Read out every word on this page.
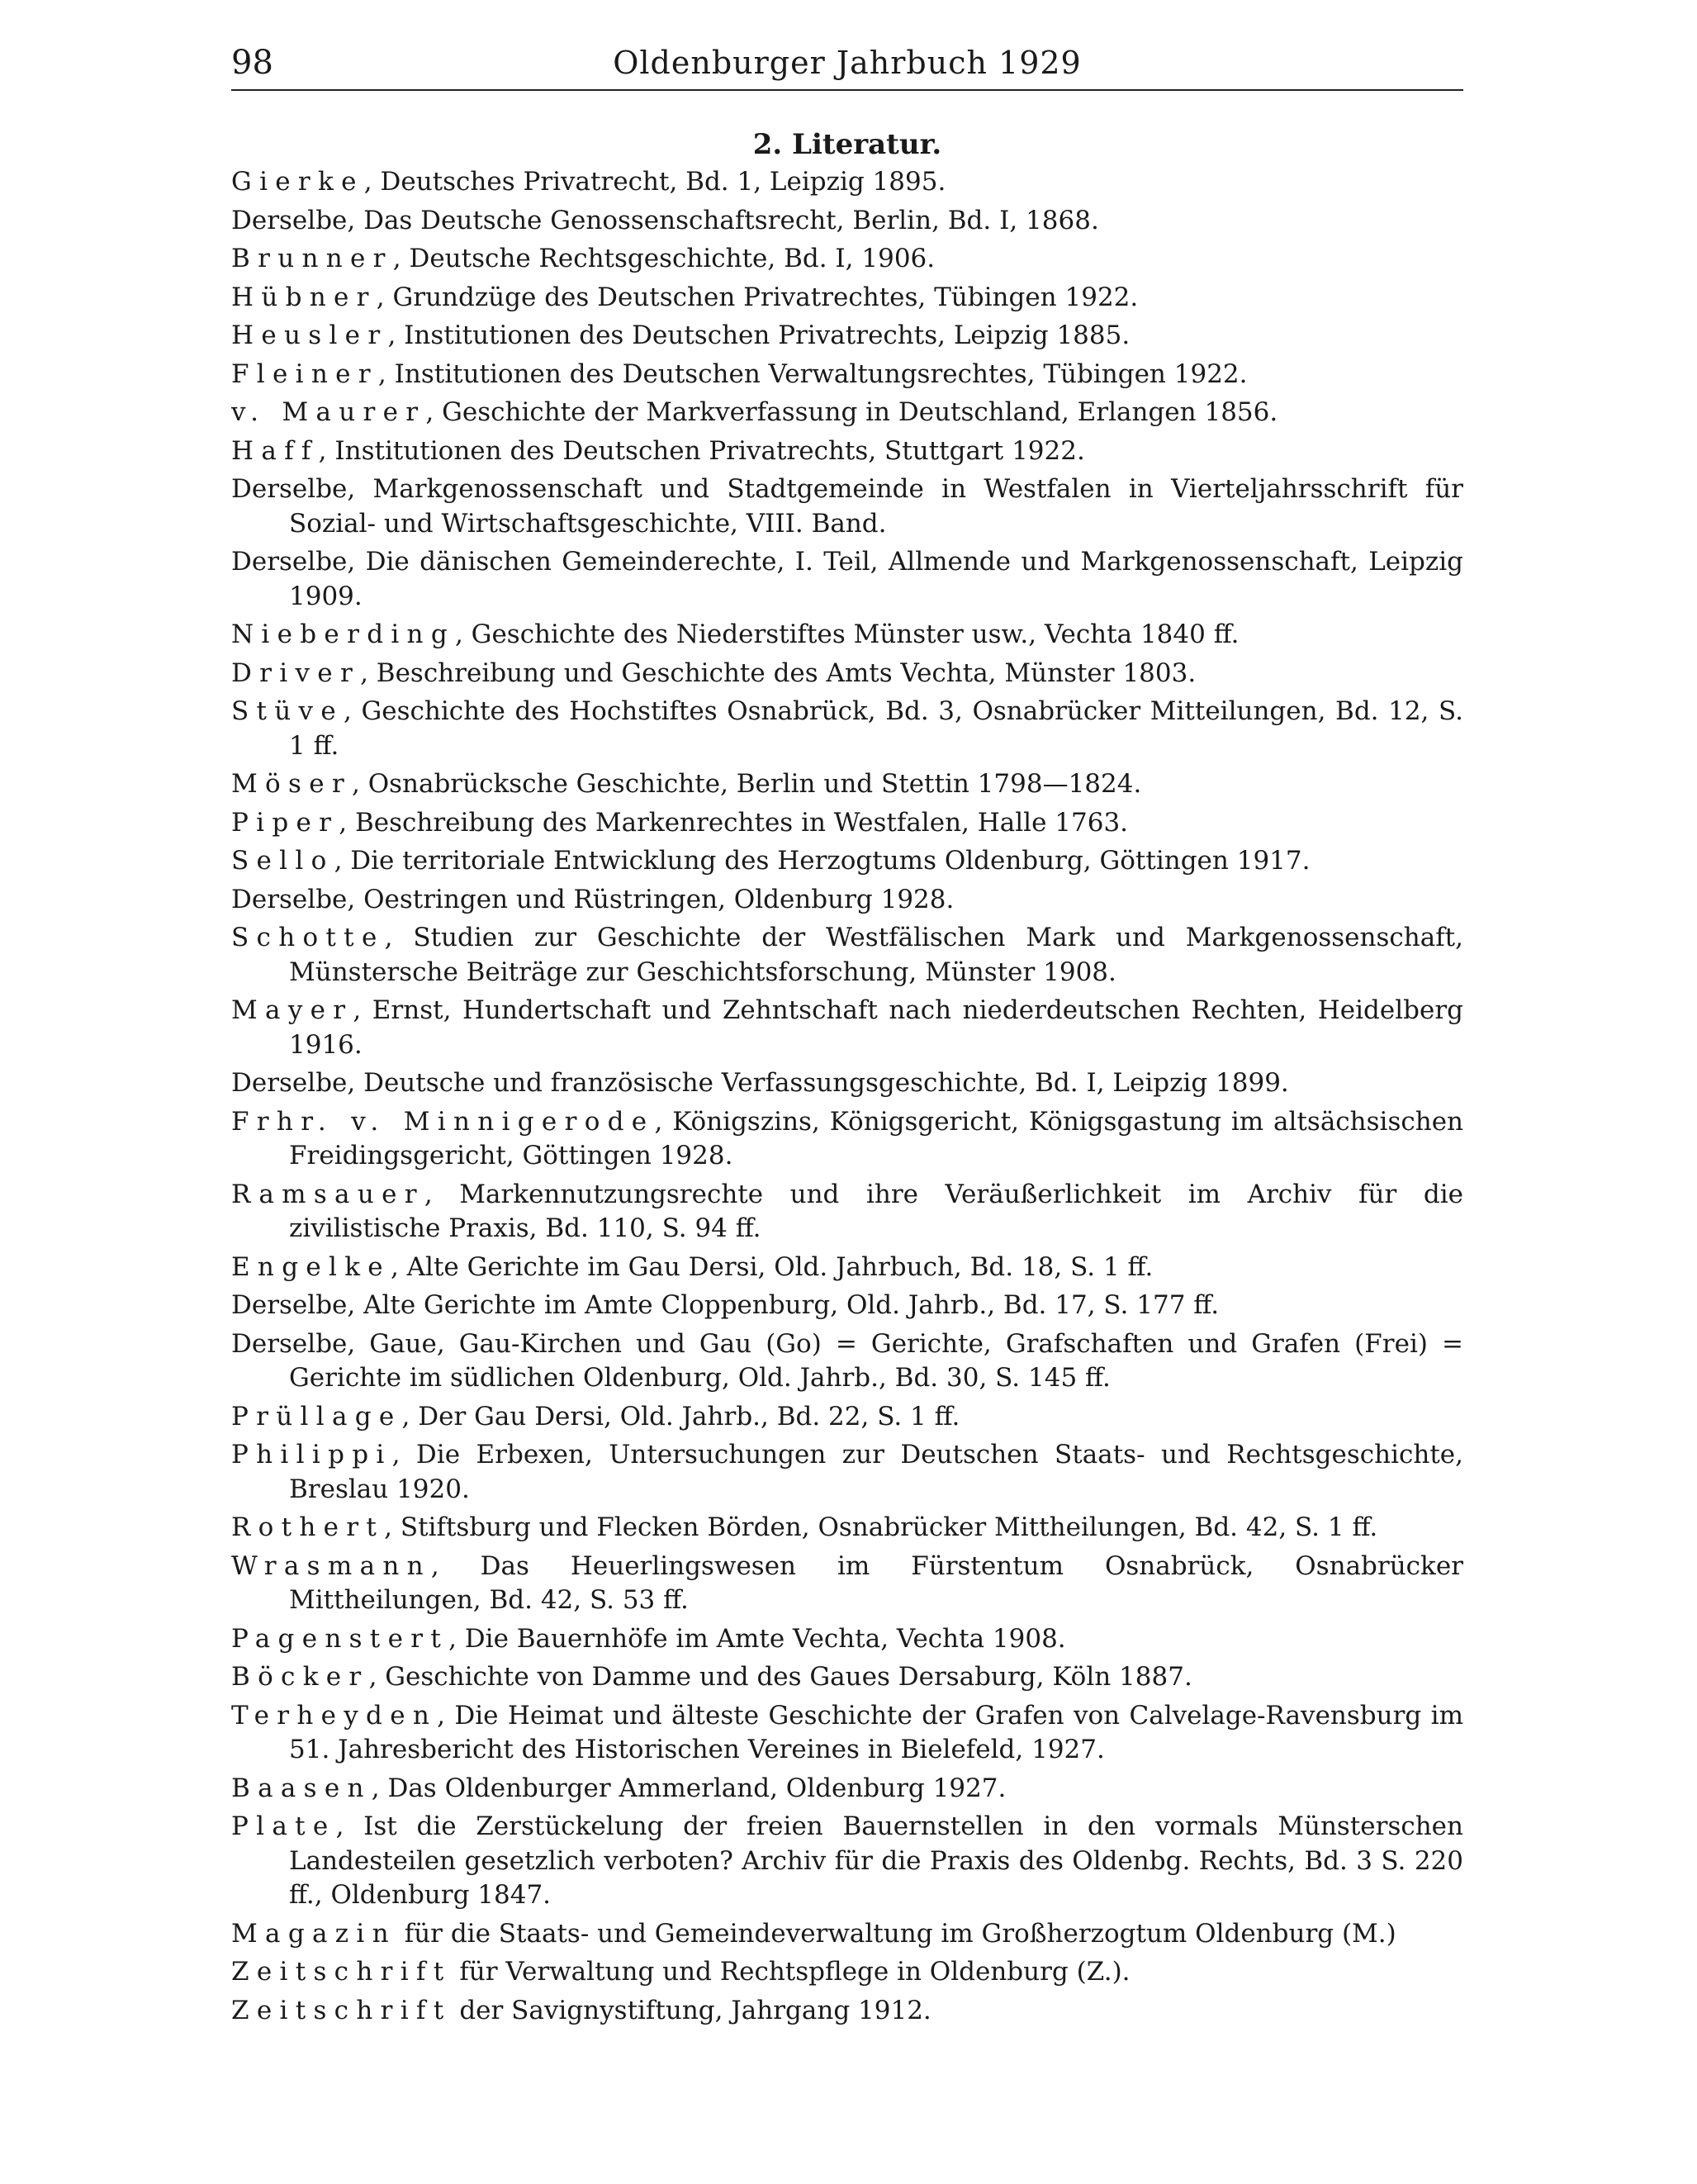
98	Oldenburger Jahrbuch 1929
2. Literatur.
Gierke, Deutsches Privatrecht, Bd. 1, Leipzig 1895.
Derselbe, Das Deutsche Genossenschaftsrecht, Berlin, Bd. I, 1868.
Brunner, Deutsche Rechtsgeschichte, Bd. I, 1906.
Hübner, Grundzüge des Deutschen Privatrechtes, Tübingen 1922.
Heusler, Institutionen des Deutschen Privatrechts, Leipzig 1885.
Fleiner, Institutionen des Deutschen Verwaltungsrechtes, Tübingen 1922.
v. Maurer, Geschichte der Markverfassung in Deutschland, Erlangen 1856.
Haff, Institutionen des Deutschen Privatrechts, Stuttgart 1922.
Derselbe, Markgenossenschaft und Stadtgemeinde in Westfalen in Vierteljahrsschrift für Sozial- und Wirtschaftsgeschichte, VIII. Band.
Derselbe, Die dänischen Gemeinderechte, I. Teil, Allmende und Markgenossenschaft, Leipzig 1909.
Nieberding, Geschichte des Niederstiftes Münster usw., Vechta 1840 ff.
Driver, Beschreibung und Geschichte des Amts Vechta, Münster 1803.
Stüve, Geschichte des Hochstiftes Osnabrück, Bd. 3, Osnabrücker Mitteilungen, Bd. 12, S. 1 ff.
Möser, Osnabrücksche Geschichte, Berlin und Stettin 1798—1824.
Piper, Beschreibung des Markenrechtes in Westfalen, Halle 1763.
Sello, Die territoriale Entwicklung des Herzogtums Oldenburg, Göttingen 1917.
Derselbe, Oestringen und Rüstringen, Oldenburg 1928.
Schotte, Studien zur Geschichte der Westfälischen Mark und Markgenossenschaft, Münstersche Beiträge zur Geschichtsforschung, Münster 1908.
Mayer, Ernst, Hundertschaft und Zehntschaft nach niederdeutschen Rechten, Heidelberg 1916.
Derselbe, Deutsche und französische Verfassungsgeschichte, Bd. I, Leipzig 1899.
Frhr. v. Minnigerode, Königszins, Königsgericht, Königsgastung im altsächsischen Freidingsgericht, Göttingen 1928.
Ramsauer, Markennutzungsrechte und ihre Veräußerlichkeit im Archiv für die zivilistische Praxis, Bd. 110, S. 94 ff.
Engelke, Alte Gerichte im Gau Dersi, Old. Jahrbuch, Bd. 18, S. 1 ff.
Derselbe, Alte Gerichte im Amte Cloppenburg, Old. Jahrb., Bd. 17, S. 177 ff.
Derselbe, Gaue, Gau-Kirchen und Gau (Go) = Gerichte, Grafschaften und Grafen (Frei) = Gerichte im südlichen Oldenburg, Old. Jahrb., Bd. 30, S. 145 ff.
Prüllage, Der Gau Dersi, Old. Jahrb., Bd. 22, S. 1 ff.
Philippi, Die Erbexen, Untersuchungen zur Deutschen Staats- und Rechtsgeschichte, Breslau 1920.
Rothert, Stiftsburg und Flecken Börden, Osnabrücker Mittheilungen, Bd. 42, S. 1 ff.
Wrasmann, Das Heuerlingswesen im Fürstentum Osnabrück, Osnabrücker Mittheilungen, Bd. 42, S. 53 ff.
Pagenstert, Die Bauernhöfe im Amte Vechta, Vechta 1908.
Böcker, Geschichte von Damme und des Gaues Dersaburg, Köln 1887.
Terheyden, Die Heimat und älteste Geschichte der Grafen von Calvelage-Ravensburg im 51. Jahresbericht des Historischen Vereines in Bielefeld, 1927.
Baasen, Das Oldenburger Ammerland, Oldenburg 1927.
Plate, Ist die Zerstückelung der freien Bauernstellen in den vormals Münsterschen Landesteilen gesetzlich verboten? Archiv für die Praxis des Oldenbg. Rechts, Bd. 3 S. 220 ff., Oldenburg 1847.
Magazin für die Staats- und Gemeindeverwaltung im Großherzogtum Oldenburg (M.)
Zeitschrift für Verwaltung und Rechtspflege in Oldenburg (Z.).
Zeitschrift der Savignystiftung, Jahrgang 1912.
